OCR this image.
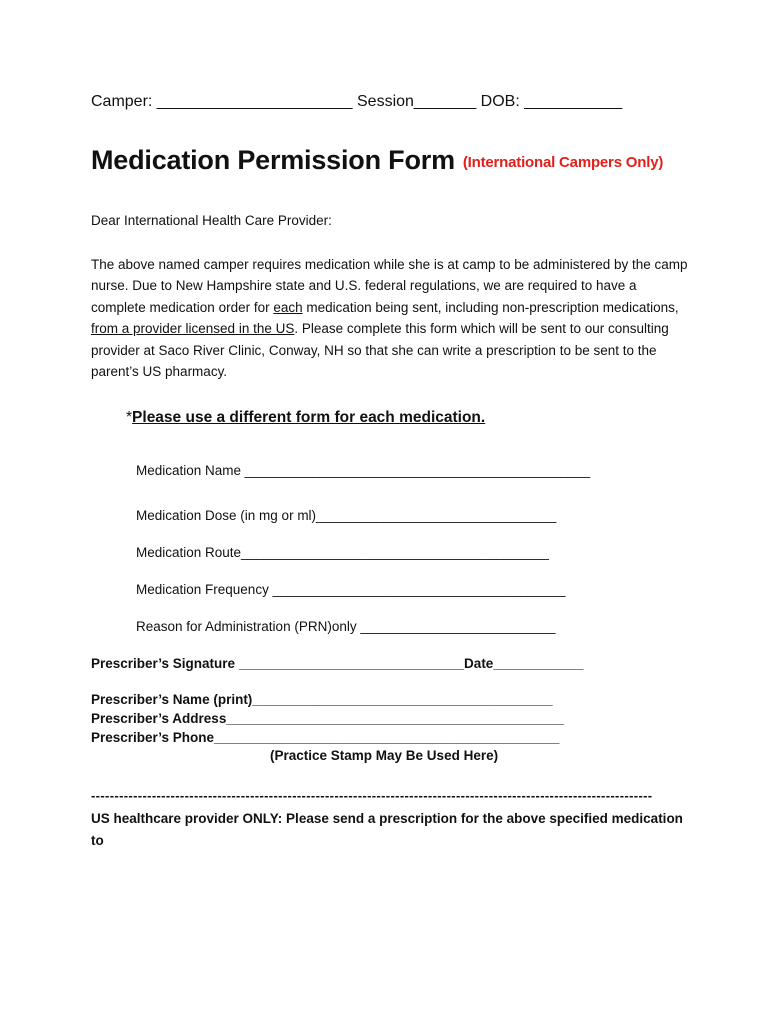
Camper: ______________________ Session_______ DOB: ___________
Medication Permission Form (International Campers Only)
Dear International Health Care Provider:
The above named camper requires medication while she is at camp to be administered by the camp nurse. Due to New Hampshire state and U.S. federal regulations, we are required to have a complete medication order for each medication being sent, including non-prescription medications, from a provider licensed in the US. Please complete this form which will be sent to our consulting provider at Saco River Clinic, Conway, NH so that she can write a prescription to be sent to the parent’s US pharmacy.
*Please use a different form for each medication.
Medication Name ______________________________________________
Medication Dose (in mg or ml)________________________________
Medication Route_________________________________________
Medication Frequency _______________________________________
Reason for Administration (PRN)only __________________________
Prescriber’s Signature ______________________________Date____________
Prescriber’s Name (print)________________________________________
Prescriber’s Address_____________________________________________
Prescriber’s Phone______________________________________________
(Practice Stamp May Be Used Here)
------------------------------------------------------------------------------------------------------------------------
US healthcare provider ONLY: Please send a prescription for the above specified medication to
